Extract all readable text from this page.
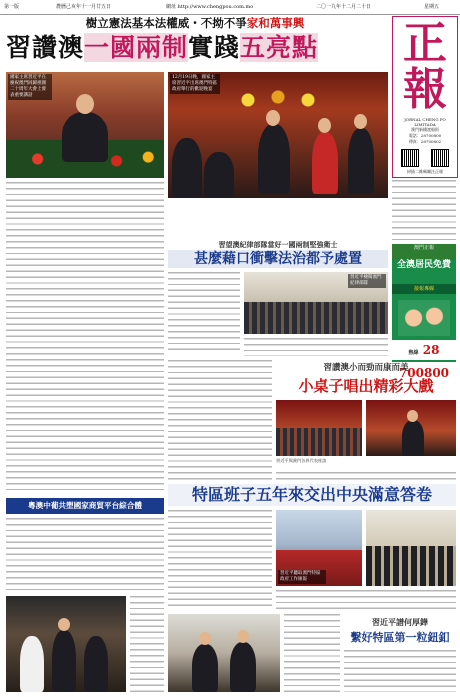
第一版	農曆己亥年十一月廿五日	網址 http://www.chengpou.com.mo	二〇一九年十二月二十日	星期五
樹立憲法基本法權威・不拗不爭家和萬事興
習讚澳一國兩制實踐五亮點	正
報
JORNAL CHENG PO LIMITADA
澳門新橋渡船街
電話：28700800
傳真：28700802
掃描二維碼關注正報
澳門正報
全澳居民免費
接報專線
熱線 28 700800
國家主席習近平在慶祝澳門回歸祖國二十周年大會上發表重要講話
12月19日晚，國家主席習近平出席澳門特區政府舉行的歡迎晚宴
習望澳紀律部隊當好一國兩制堅強衛士
甚麼藉口衝擊法治都予處置
習近平檢閱澳門紀律部隊
習讚澳小而勁而康而美
小桌子唱出精彩大戲
習近平與澳門各界代表座談
特區班子五年來交出中央滿意答卷
習近平聽取澳門特區政府工作匯報
粵澳中葡共塑國家商貿平台綜合體
習近平譜何厚鏵
繫好特區第一粒鈕釦
